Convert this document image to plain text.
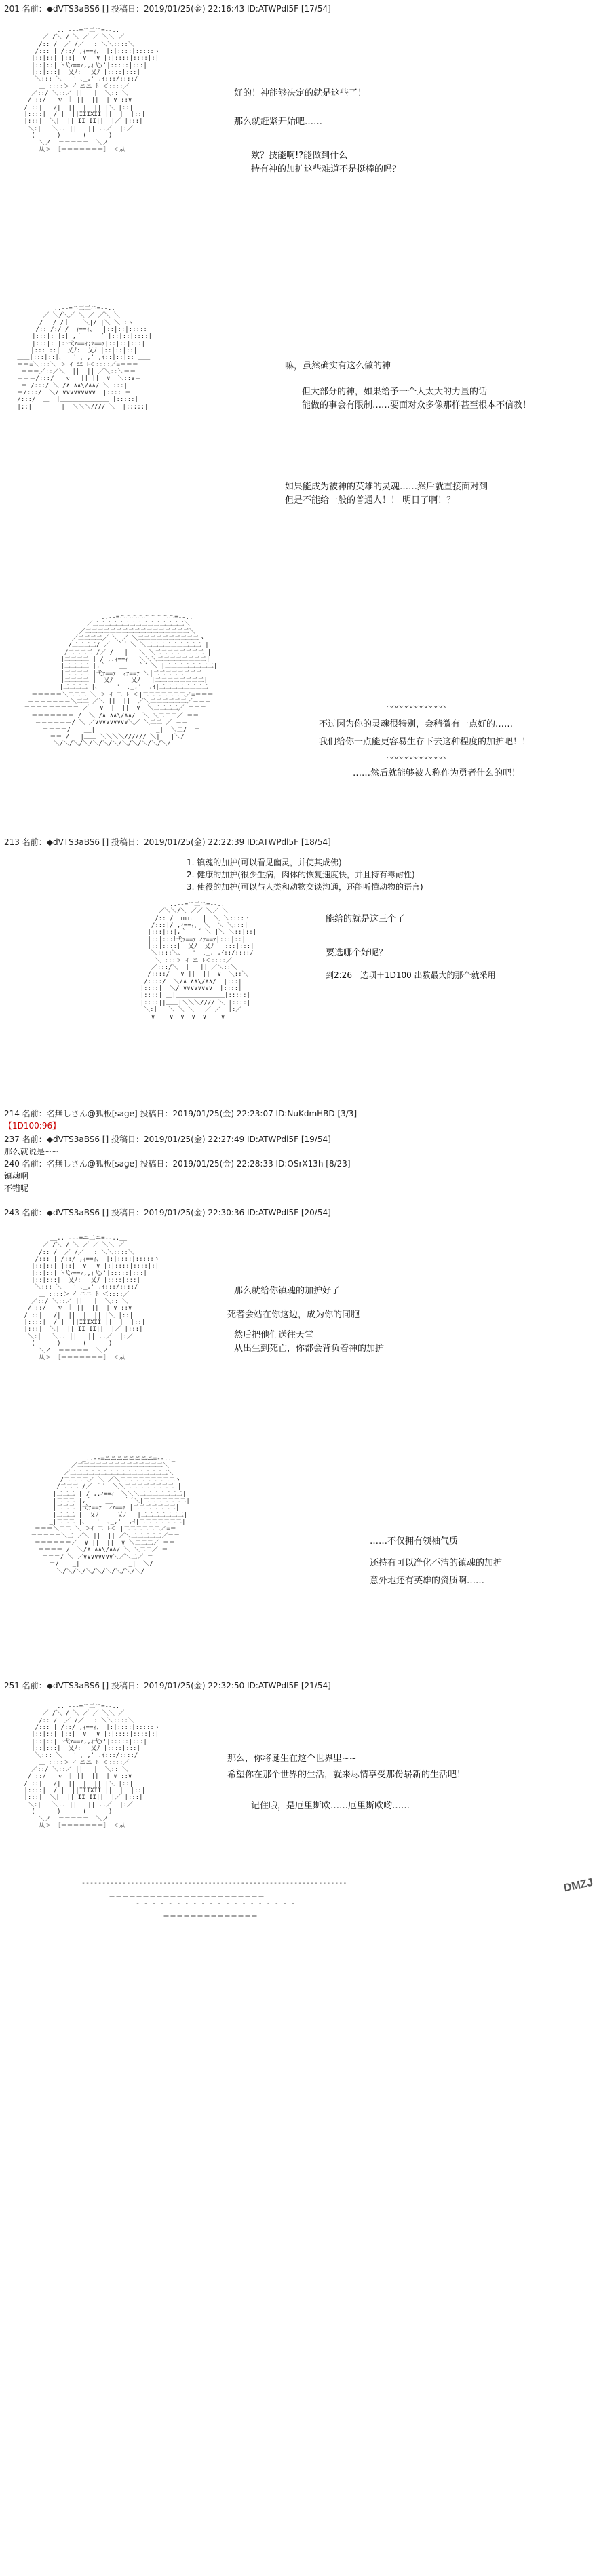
201 名前：◆dVTS3aBS6 [] 投稿日：2019/01/25(金) 22:16:43 ID:ATWPdl5F [17/54]
__.. --‐=ニ二ニ=‐-..__
／ /＼ / ＼ ／ ／ ＼＼ ／
/:: /  ／ /／　|: ＼＼::::＼
/::: | /::/ ,ｨ==ｨ、 |:|::::|:::::ヽ
|::|::| |::|  ∨　 ∨ |:|::::|::::|:|
|::|::| ﾄ弋ｧ==ｧ,,ｨ弋ｧ'|:::::|:::|
|::|:::|  乂ﾉ:　 乂ﾉ |::::|:::|
＼::: ＼   ' ､_,' .ｲ:::/::::/
＿ ::::＞ ｲ ニニ ﾄ ＜::::／
／::/ ＼::／ ||  ||  ＼:: ＼
/ ::/   ｖ ｜ ||  ||  | ∨ ::∨
/ ::|   /|  || ||  || |＼ |::|
|::::|  / |  ||IIIXII ||  |  |::|
|:::|  ＼|  || II II||  |／ |:::|
＼:|   ＼.. ||   || ..／  |:／
(      )      (      )
＼ノ  ＝＝＝＝＝  ＼ノ
从＞ ［＝＝＝＝＝＝＝］ ＜从
好的！神能够决定的就是这些了！
那么就赶紧开始吧……
欸？技能啊!?能做到什么
持有神的加护这些难道不是挺棒的吗？
_..-‐=ニ二二ニ=‐-.._
／ ＼/＼／ ＼ ／ ／＼ ＼
/　 / /｜ 　 ＼|/ |＼ ＼ :ヽ
/:: /:/ /  ｨ==ｨ、  |::|::|:::::|
|:::|: |:| ,｀     ´ |::|::|::::|
|:::|: |:ﾄ弋ｧ==ｨ;ﾃ==ｧ|::|::|:::|
　 |:::|::|  乂ﾉ:  乂ﾉ |::|::|::|
＿＿|:::|::|､   ' ､_,' ,ｲ::|::|::|＿＿
＝＝=＼:::＼ ＞ ｲ ﾆﾆ ﾄ＜::::／=＝＝＝
＝＝＝／::／＼  ||  || ／＼::＼＝＝
＝＝＝/:::/   ｖ　 || ||  ∨  ＼::∨＝
＝ /:::/ ＼ /∧ ∧∧\/∧∧/ ＼|:::|
＝/:::/  ＼/ ∨∨∨∨∨∨∨∨∨  |::::|＝
/:::/  ＿__|＿＿＿＿＿＿＿＿_|:::::|
|::|  |＿＿＿|  ＼＼＼//// ＼  |:::::|
嘛，虽然确实有这么做的神
但大部分的神，如果给予一个人太大的力量的话
能做的事会有限制……要面对众多像那样甚至根本不信教！
如果能成为被神的英雄的灵魂……然后就直接面对到
但是不能给一般的普通人！！ 明日了啊！？
_..-‐=ニニニニニニニニニ=‐-.._
／二二二二二二二二二二二二二二二＼
／二二二二二二二二二二二二二二二二二＼
／二二二二／ ＼ ／ ＼二二二二二二二二二二ヽ
/二二二二/ ／  ｀´ ＼ ＼二二二二二二二二二 |
/二二二二 /／ /   |   ＼ ＼二二二二二二二二 |
|二二二二 | / ,.ｨ==ｨ   ＼＼＼二二二二二二二二|
|二二二二 |,｀ 　 __   ｀´ ＼ |二二二二二二二二|
|二二二二 |弋ｧ==ｧ  ｨｧ==ｧ ＼|二二二二二二二二|
|二二二二 |  乂ﾉ     乂ﾉ   |二二二二二二二二|
＿|二二二二 |､     '  ､_,'  ,ｲ|二二二二二二二二|＿
＝＝＝＝＝＼二二二 ＼ ＞ ｲ 二 ﾄ ＜|二二二二二二二／=＝＝＝
＝＝＝＝＝＝＝＼二二 ／＼ ||  ||  ／＼二二二二二二／＝＝＝
＝＝＝＝＝＝＝＝＝ ／   ∨ ||  ||  ∨  ＼二二二二／ ＝＝＝
＝＝＝＝＝＝＝ /  ＼ /∧ ∧∧\/∧∧/  ＼ ＼二二二／ ＝＝
＝＝＝＝＝＝/ ＼ ／∨∨∨∨∨∨∨∨∨＼／ ＼二二 ／ ＝＝
＝＝＝＝/  ＿__|＿＿＿＿＿＿＿＿＿＿_|  ＼二/  ＝
＝＝ /   |＿＿|＼＼＼＼////// ＼|   |＼/
＼/＼/＼/＼/＼/＼/＼/＼/＼/＼/＼/＼/
⌒⌒⌒⌒⌒⌒⌒⌒⌒⌒⌒⌒
不过因为你的灵魂很特别，会稍微有一点好的……
我们给你一点能更容易生存下去这种程度的加护吧！！
⌒⌒⌒⌒⌒⌒⌒⌒⌒⌒⌒⌒
……然后就能够被人称作为勇者什么的吧！
213 名前：◆dVTS3aBS6 [] 投稿日：2019/01/25(金) 22:22:39 ID:ATWPdl5F [18/54]
1. 镇魂的加护(可以看见幽灵，并使其成佛)
2. 健康的加护(很少生病，肉体的恢复速度快，并且持有毒耐性)
3. 使役的加护(可以与人类和动物交谈沟通，还能听懂动物的语言)
_..-‐=ニ二ニ=‐-.._
／＼＼/＼ ／／ ＼／ ＼
/:: /  ｍｎ　 |  ＼ ＼::::ヽ
/:::|/ ,ｨ==ｨ、 ＼  ＼ ＼:::|
|:::|::|,｀   ´ ＼ |＼ ＼::|::|
|::|:::ﾄ弋ｧ==ｧ ｨｧ==ｧ|:::|::|
|::|::::|  乂ﾉ  乂ﾉ  |:::|:::|
＼::::＼､   '  ､_, ,ｲ::/::::/
＼ :::＞ ｲ ニ ﾄ＜::::／
／:::/＼  ||  || ／＼::＼
/::::/   ∨ ||  ||  ∨  ＼::＼
/::::/  ＼/∧ ∧∧\/∧∧/  |:::|
|::::|  ＼/ ∨∨∨∨∨∨∨∨  |::::|
|::::| ＿|＿＿＿＿＿＿＿＿|:::::|
|::::||＿＿|＼＼＼//// ＼ |::::|
＼:|   ＼ ＼ ＼   ／ ／  |:／
∨    ∨  ∨  ∨  ∨    ∨
能给的就是这三个了
要选哪个好呢？
到2:26　选项＋1D100 出数最大的那个就采用
214 名前：名無しさん@狐板[sage] 投稿日：2019/01/25(金) 22:23:07 ID:NuKdmHBD [3/3]
【1D100:96】
237 名前：◆dVTS3aBS6 [] 投稿日：2019/01/25(金) 22:27:49 ID:ATWPdl5F [19/54]
那么就说是~~
240 名前：名無しさん@狐板[sage] 投稿日：2019/01/25(金) 22:28:33 ID:OSrX13h [8/23]
镇魂啊
不错呢
243 名前：◆dVTS3aBS6 [] 投稿日：2019/01/25(金) 22:30:36 ID:ATWPdl5F [20/54]
__.. --‐=ニ二ニ=‐-..__
／ /＼ / ＼ ／ ／ ＼＼ ／
/:: /  ／ /／　|: ＼＼::::＼
/::: | /::/ ,ｨ==ｨ、 |:|::::|:::::ヽ
|::|::| |::|  ∨　 ∨ |:|::::|::::|:|
|::|::| ﾄ弋ｧ==ｧ,,ｨ弋ｧ'|:::::|:::|
|::|:::|  乂ﾉ:　 乂ﾉ |::::|:::|
＼::: ＼   ' ､_,' .ｲ:::/::::/
＿ ::::＞ ｲ ニニ ﾄ ＜::::／
／::/ ＼::／ ||  ||  ＼:: ＼
/ ::/   ｖ ｜ ||  ||  | ∨ ::∨
/ ::|   /|  || ||  || |＼ |::|
|::::|  / |  ||IIIXII ||  |  |::|
|:::|  ＼|  || II II||  |／ |:::|
＼:|   ＼.. ||   || ..／  |:／
(      )      (      )
＼ノ  ＝＝＝＝＝  ＼ノ
从＞ ［＝＝＝＝＝＝＝］ ＜从
那么就给你镇魂的加护好了
死者会站在你这边，成为你的同胞
然后把他们送往天堂
从出生到死亡，你都会背负着神的加护
_..-‐=ニニニニニニニニ=‐-.._
／二二二二二二二二二二二二二二＼
／二二二二二二二二二二二二二二二二＼
/二二二二／ ＼ ／＼二二二二二二二二二ヽ
/二二二 /／ ｀´  ＼＼二二二二二二二二 |
|二二二 | / ,.ｨ==ｨ  ＼＼＼二二二二二二二|
|二二二 |,｀ 　 __   ｀´＼|二二二二二二二|
|二二二 |弋ｧ==ｧ  ｨｧ==ｧ |二二二二二二二|
|二二二 |  乂ﾉ     乂ﾉ   |二二二二二二二|
_|二二二 |､   '  ､_,'  ,ｲ|二二二二二二二|
＝＝＝＼二二 ＼ ＞ｲ 二 ﾄ＜ |二二二二二二／=＝
＝＝＝＝＝＼二 ／＼ ||  || ／＼二二二二二／＝＝
＝＝＝＝＝＝／  ∨ ||  ||  ∨ ＼二二二／ ＝＝
＝＝＝＝ /  ＼/∧ ∧∧\/∧∧/ ＼ ＼二二／ ＝
＝＝＝/ ＼ ／∨∨∨∨∨∨∨∨＼／＼二／ ＝
＝/  ＿_|＿＿＿＿＿＿＿＿_|  ＼/
＼/＼/＼/＼/＼/＼/＼/＼/＼/
……不仅拥有领袖气质
还持有可以净化不洁的镇魂的加护
意外地还有英雄的资质啊……
251 名前：◆dVTS3aBS6 [] 投稿日：2019/01/25(金) 22:32:50 ID:ATWPdl5F [21/54]
__.. --‐=ニ二ニ=‐-..__
／ /＼ / ＼ ／ ／ ＼＼ ／
/:: /  ／ /／　|: ＼＼::::＼
/::: | /::/ ,ｨ==ｨ、 |:|::::|:::::ヽ
|::|::| |::|  ∨　 ∨ |:|::::|::::|:|
|::|::| ﾄ弋ｧ==ｧ,,ｨ弋ｧ'|:::::|:::|
|::|:::|  乂ﾉ:　 乂ﾉ |::::|:::|
＼::: ＼   ' ､_,' .ｲ:::/::::/
＿ ::::＞ ｲ ニニ ﾄ ＜::::／
／::/ ＼::／ ||  ||  ＼:: ＼
/ ::/   ｖ ｜ ||  ||  | ∨ ::∨
/ ::|   /|  || ||  || |＼ |::|
|::::|  / |  ||IIIXII ||  |  |::|
|:::|  ＼|  || II II||  |／ |:::|
＼:|   ＼.. ||   || ..／  |:／
(      )      (      )
＼ノ  ＝＝＝＝＝  ＼ノ
从＞ ［＝＝＝＝＝＝＝］ ＜从
那么，你将诞生在这个世界里~~
希望你在那个世界的生活，就来尽情享受那份崭新的生活吧！
记住哦，是厄里斯欧……厄里斯欧哟……
-----------------------------------------------------------------
＝＝＝＝＝＝＝＝＝＝＝＝＝＝＝＝＝＝＝＝＝＝＝
- - - - - - - - - - - - - - - - - - - -
＝＝＝＝＝＝＝＝＝＝＝＝＝＝
DMZJ
